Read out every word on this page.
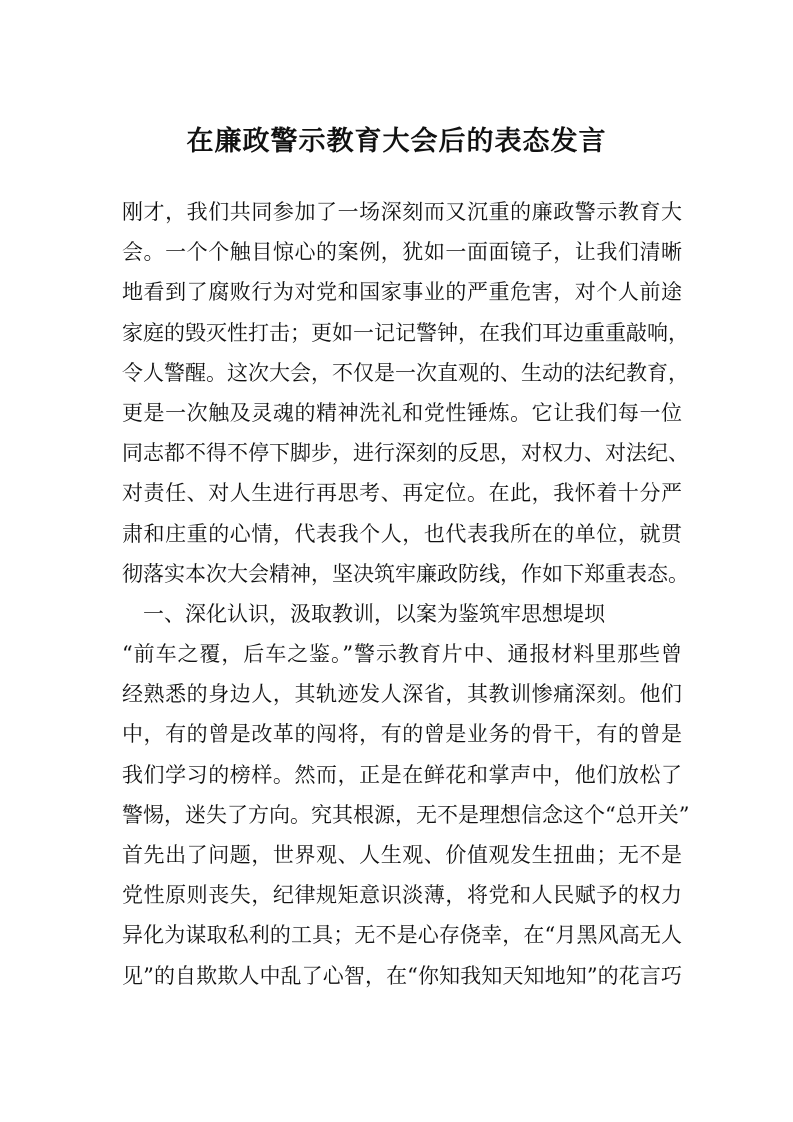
在廉政警示教育大会后的表态发言
刚才，我们共同参加了一场深刻而又沉重的廉政警示教育大
会。一个个触目惊心的案例，犹如一面面镜子，让我们清晰
地看到了腐败行为对党和国家事业的严重危害，对个人前途
家庭的毁灭性打击；更如一记记警钟，在我们耳边重重敲响，
令人警醒。这次大会，不仅是一次直观的、生动的法纪教育，
更是一次触及灵魂的精神洗礼和党性锤炼。它让我们每一位
同志都不得不停下脚步，进行深刻的反思，对权力、对法纪、
对责任、对人生进行再思考、再定位。在此，我怀着十分严
肃和庄重的心情，代表我个人，也代表我所在的单位，就贯
彻落实本次大会精神，坚决筑牢廉政防线，作如下郑重表态。
一、深化认识，汲取教训，以案为鉴筑牢思想堤坝
“前车之覆，后车之鉴。”警示教育片中、通报材料里那些曾
经熟悉的身边人，其轨迹发人深省，其教训惨痛深刻。他们
中，有的曾是改革的闯将，有的曾是业务的骨干，有的曾是
我们学习的榜样。然而，正是在鲜花和掌声中，他们放松了
警惕，迷失了方向。究其根源，无不是理想信念这个“总开关”
首先出了问题，世界观、人生观、价值观发生扭曲；无不是
党性原则丧失，纪律规矩意识淡薄，将党和人民赋予的权力
异化为谋取私利的工具；无不是心存侥幸，在“月黑风高无人
见”的自欺欺人中乱了心智，在“你知我知天知地知”的花言巧
